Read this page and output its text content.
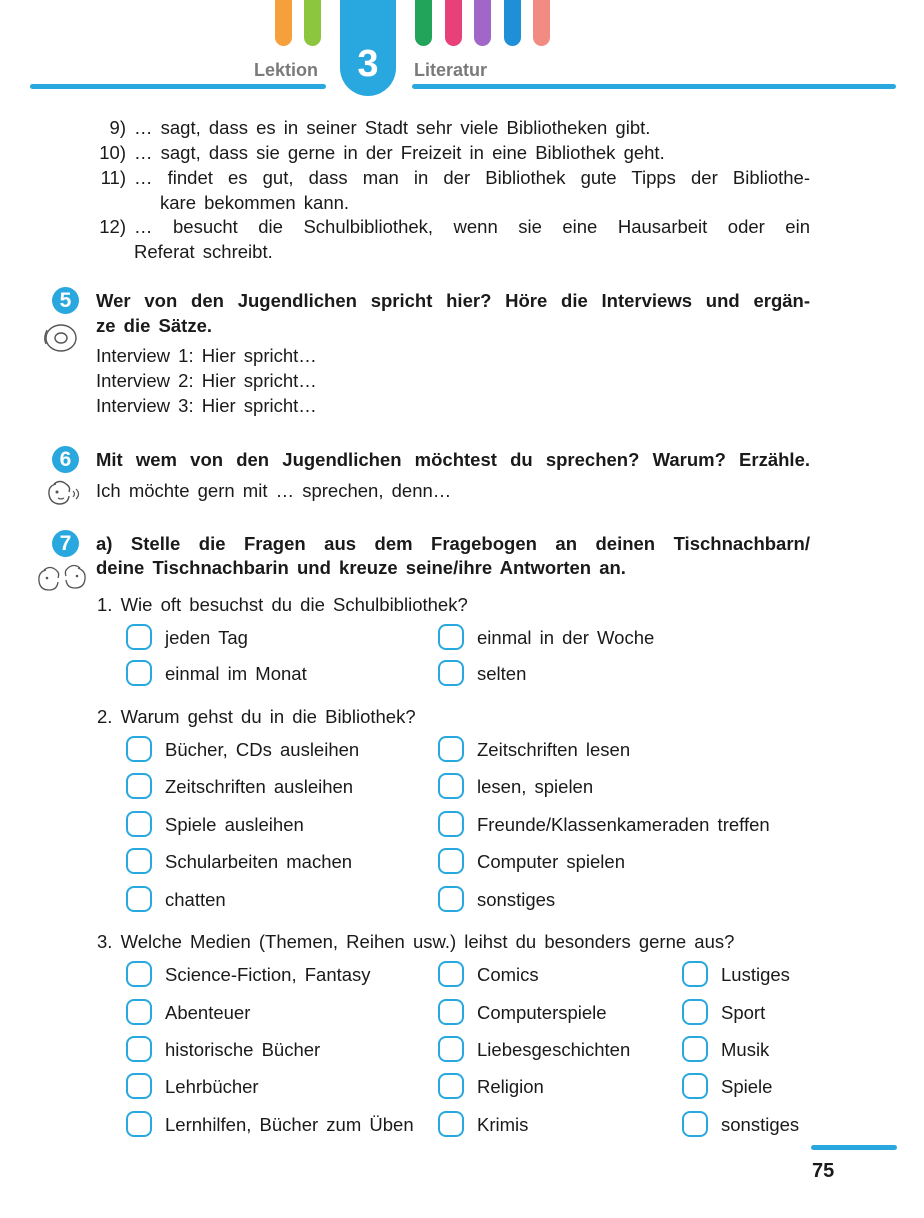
Lektion	3	Literatur
9) … sagt, dass es in seiner Stadt sehr viele Bibliotheken gibt.
10) … sagt, dass sie gerne in der Freizeit in eine Bibliothek geht.
11) … findet es gut, dass man in der Bibliothek gute Tipps der Bibliothe-
kare bekommen kann.
12) … besucht die Schulbibliothek, wenn sie eine Hausarbeit oder ein
Referat schreibt.
5	Wer von den Jugendlichen spricht hier? Höre die Interviews und ergän-
ze die Sätze.
Interview 1: Hier spricht…
Interview 2: Hier spricht…
Interview 3: Hier spricht…
6	Mit wem von den Jugendlichen möchtest du sprechen? Warum? Erzähle.
Ich möchte gern mit … sprechen, denn…
7	a) Stelle die Fragen aus dem Fragebogen an deinen Tischnachbarn/
deine Tischnachbarin und kreuze seine/ihre Antworten an.
1. Wie oft besuchst du die Schulbibliothek?
jeden Tag	einmal in der Woche
einmal im Monat	selten
2. Warum gehst du in die Bibliothek?
Bücher, CDs ausleihen	Zeitschriften lesen
Zeitschriften ausleihen	lesen, spielen
Spiele ausleihen	Freunde/Klassenkameraden treffen
Schularbeiten machen	Computer spielen
chatten	sonstiges
3. Welche Medien (Themen, Reihen usw.) leihst du besonders gerne aus?
Science-Fiction, Fantasy	Comics	Lustiges
Abenteuer	Computerspiele	Sport
historische Bücher	Liebesgeschichten	Musik
Lehrbücher	Religion	Spiele
Lernhilfen, Bücher zum Üben	Krimis	sonstiges
75
